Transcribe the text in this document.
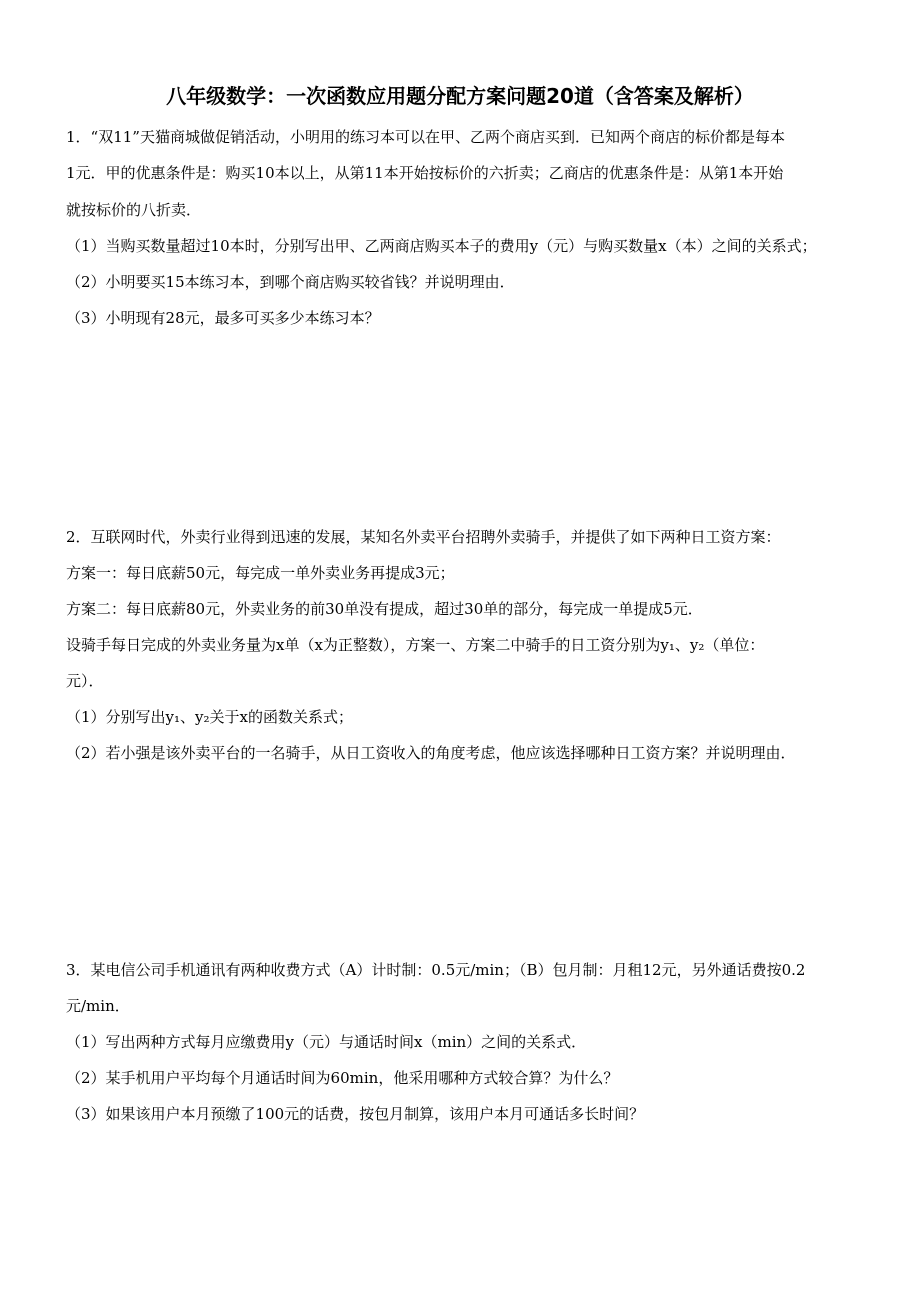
八年级数学：一次函数应用题分配方案问题20道（含答案及解析）
1．“双11”天猫商城做促销活动，小明用的练习本可以在甲、乙两个商店买到．已知两个商店的标价都是每本
1元．甲的优惠条件是：购买10本以上，从第11本开始按标价的六折卖；乙商店的优惠条件是：从第1本开始
就按标价的八折卖．
（1）当购买数量超过10本时，分别写出甲、乙两商店购买本子的费用y（元）与购买数量x（本）之间的关系式；
（2）小明要买15本练习本，到哪个商店购买较省钱？并说明理由．
（3）小明现有28元，最多可买多少本练习本？
2．互联网时代，外卖行业得到迅速的发展，某知名外卖平台招聘外卖骑手，并提供了如下两种日工资方案：
方案一：每日底薪50元，每完成一单外卖业务再提成3元；
方案二：每日底薪80元，外卖业务的前30单没有提成，超过30单的部分，每完成一单提成5元．
设骑手每日完成的外卖业务量为x单（x为正整数），方案一、方案二中骑手的日工资分别为y₁、y₂（单位：
元）．
（1）分别写出y₁、y₂关于x的函数关系式；
（2）若小强是该外卖平台的一名骑手，从日工资收入的角度考虑，他应该选择哪种日工资方案？并说明理由．
3．某电信公司手机通讯有两种收费方式（A）计时制：0.5元/min；（B）包月制：月租12元，另外通话费按0.2
元/min．
（1）写出两种方式每月应缴费用y（元）与通话时间x（min）之间的关系式．
（2）某手机用户平均每个月通话时间为60min，他采用哪种方式较合算？为什么？
（3）如果该用户本月预缴了100元的话费，按包月制算，该用户本月可通话多长时间？
